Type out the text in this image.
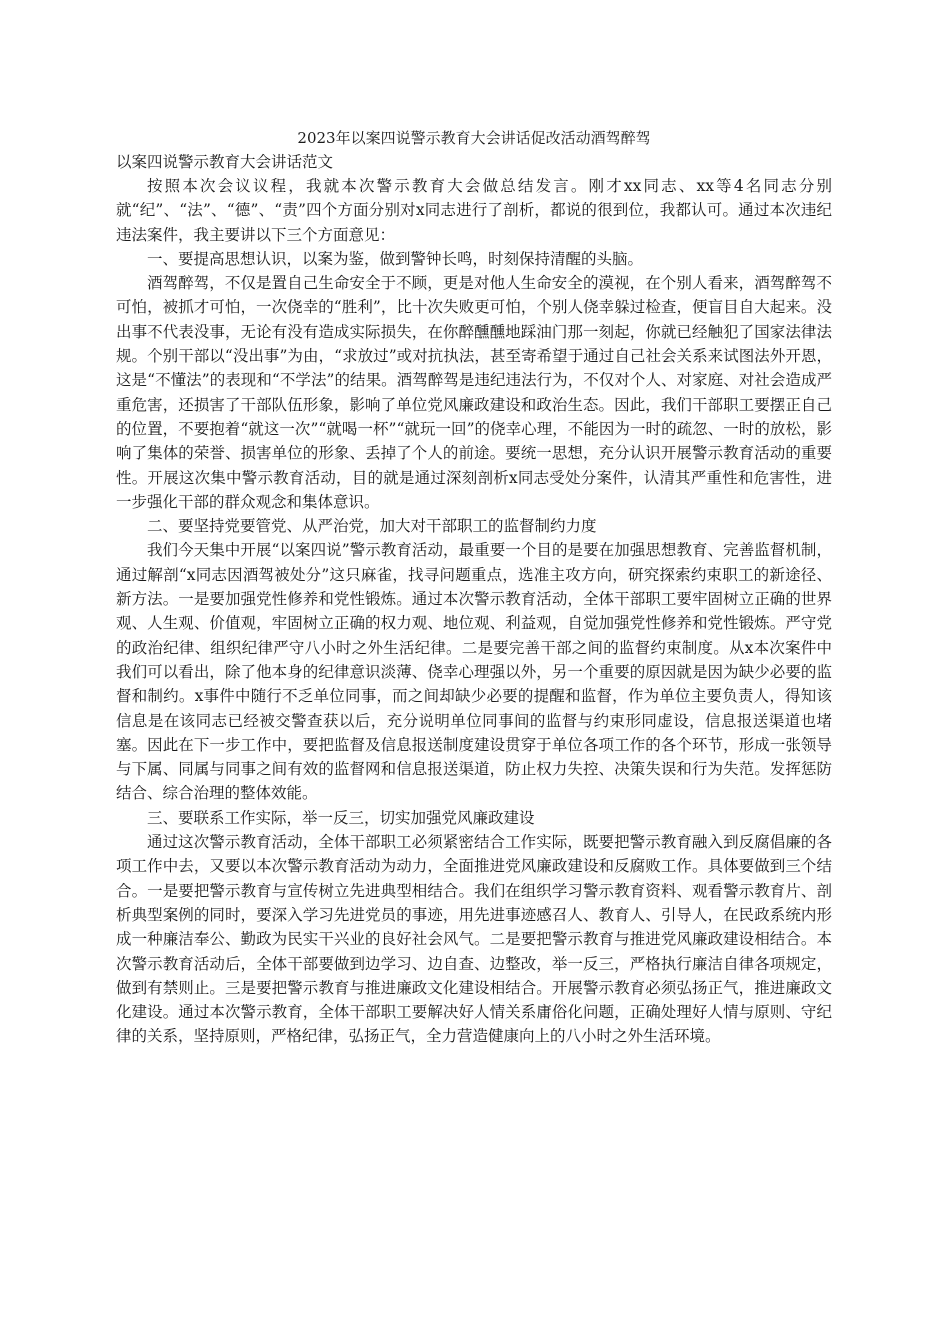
2023年以案四说警示教育大会讲话促改活动酒驾醉驾

以案四说警示教育大会讲话范文

按照本次会议议程，我就本次警示教育大会做总结发言。刚才xx同志、xx等4名同志分别就“纪”、“法”、“德”、“责”四个方面分别对x同志进行了剖析，都说的很到位，我都认可。通过本次违纪违法案件，我主要讲以下三个方面意见：

一、要提高思想认识，以案为鉴，做到警钟长鸣，时刻保持清醒的头脑。

酒驾醉驾，不仅是置自己生命安全于不顾，更是对他人生命安全的漠视，在个别人看来，酒驾醉驾不可怕，被抓才可怕，一次侥幸的“胜利”，比十次失败更可怕，个别人侥幸躲过检查，便盲目自大起来。没出事不代表没事，无论有没有造成实际损失，在你醉醺醺地踩油门那一刻起，你就已经触犯了国家法律法规。个别干部以“没出事”为由，“求放过”或对抗执法，甚至寄希望于通过自己社会关系来试图法外开恩，这是“不懂法”的表现和“不学法”的结果。酒驾醉驾是违纪违法行为，不仅对个人、对家庭、对社会造成严重危害，还损害了干部队伍形象，影响了单位党风廉政建设和政治生态。因此，我们干部职工要摆正自己的位置，不要抱着“就这一次”“就喝一杯”“就玩一回”的侥幸心理，不能因为一时的疏忽、一时的放松，影响了集体的荣誉、损害单位的形象、丢掉了个人的前途。要统一思想，充分认识开展警示教育活动的重要性。开展这次集中警示教育活动，目的就是通过深刻剖析x同志受处分案件，认清其严重性和危害性，进一步强化干部的群众观念和集体意识。

二、要坚持党要管党、从严治党，加大对干部职工的监督制约力度

我们今天集中开展“以案四说”警示教育活动，最重要一个目的是要在加强思想教育、完善监督机制，通过解剖“x同志因酒驾被处分”这只麻雀，找寻问题重点，选准主攻方向，研究探索约束职工的新途径、新方法。一是要加强党性修养和党性锻炼。通过本次警示教育活动，全体干部职工要牢固树立正确的世界观、人生观、价值观，牢固树立正确的权力观、地位观、利益观，自觉加强党性修养和党性锻炼。严守党的政治纪律、组织纪律严守八小时之外生活纪律。二是要完善干部之间的监督约束制度。从x本次案件中我们可以看出，除了他本身的纪律意识淡薄、侥幸心理强以外，另一个重要的原因就是因为缺少必要的监督和制约。x事件中随行不乏单位同事，而之间却缺少必要的提醒和监督，作为单位主要负责人，得知该信息是在该同志已经被交警查获以后，充分说明单位同事间的监督与约束形同虚设，信息报送渠道也堵塞。因此在下一步工作中，要把监督及信息报送制度建设贯穿于单位各项工作的各个环节，形成一张领导与下属、同属与同事之间有效的监督网和信息报送渠道，防止权力失控、决策失误和行为失范。发挥惩防结合、综合治理的整体效能。

三、要联系工作实际，举一反三，切实加强党风廉政建设

通过这次警示教育活动，全体干部职工必须紧密结合工作实际，既要把警示教育融入到反腐倡廉的各项工作中去，又要以本次警示教育活动为动力，全面推进党风廉政建设和反腐败工作。具体要做到三个结合。一是要把警示教育与宣传树立先进典型相结合。我们在组织学习警示教育资料、观看警示教育片、剖析典型案例的同时，要深入学习先进党员的事迹，用先进事迹感召人、教育人、引导人，在民政系统内形成一种廉洁奉公、勤政为民实干兴业的良好社会风气。二是要把警示教育与推进党风廉政建设相结合。本次警示教育活动后，全体干部要做到边学习、边自查、边整改，举一反三，严格执行廉洁自律各项规定，做到有禁则止。三是要把警示教育与推进廉政文化建设相结合。开展警示教育必须弘扬正气，推进廉政文化建设。通过本次警示教育，全体干部职工要解决好人情关系庸俗化问题，正确处理好人情与原则、守纪律的关系，坚持原则，严格纪律，弘扬正气，全力营造健康向上的八小时之外生活环境。
